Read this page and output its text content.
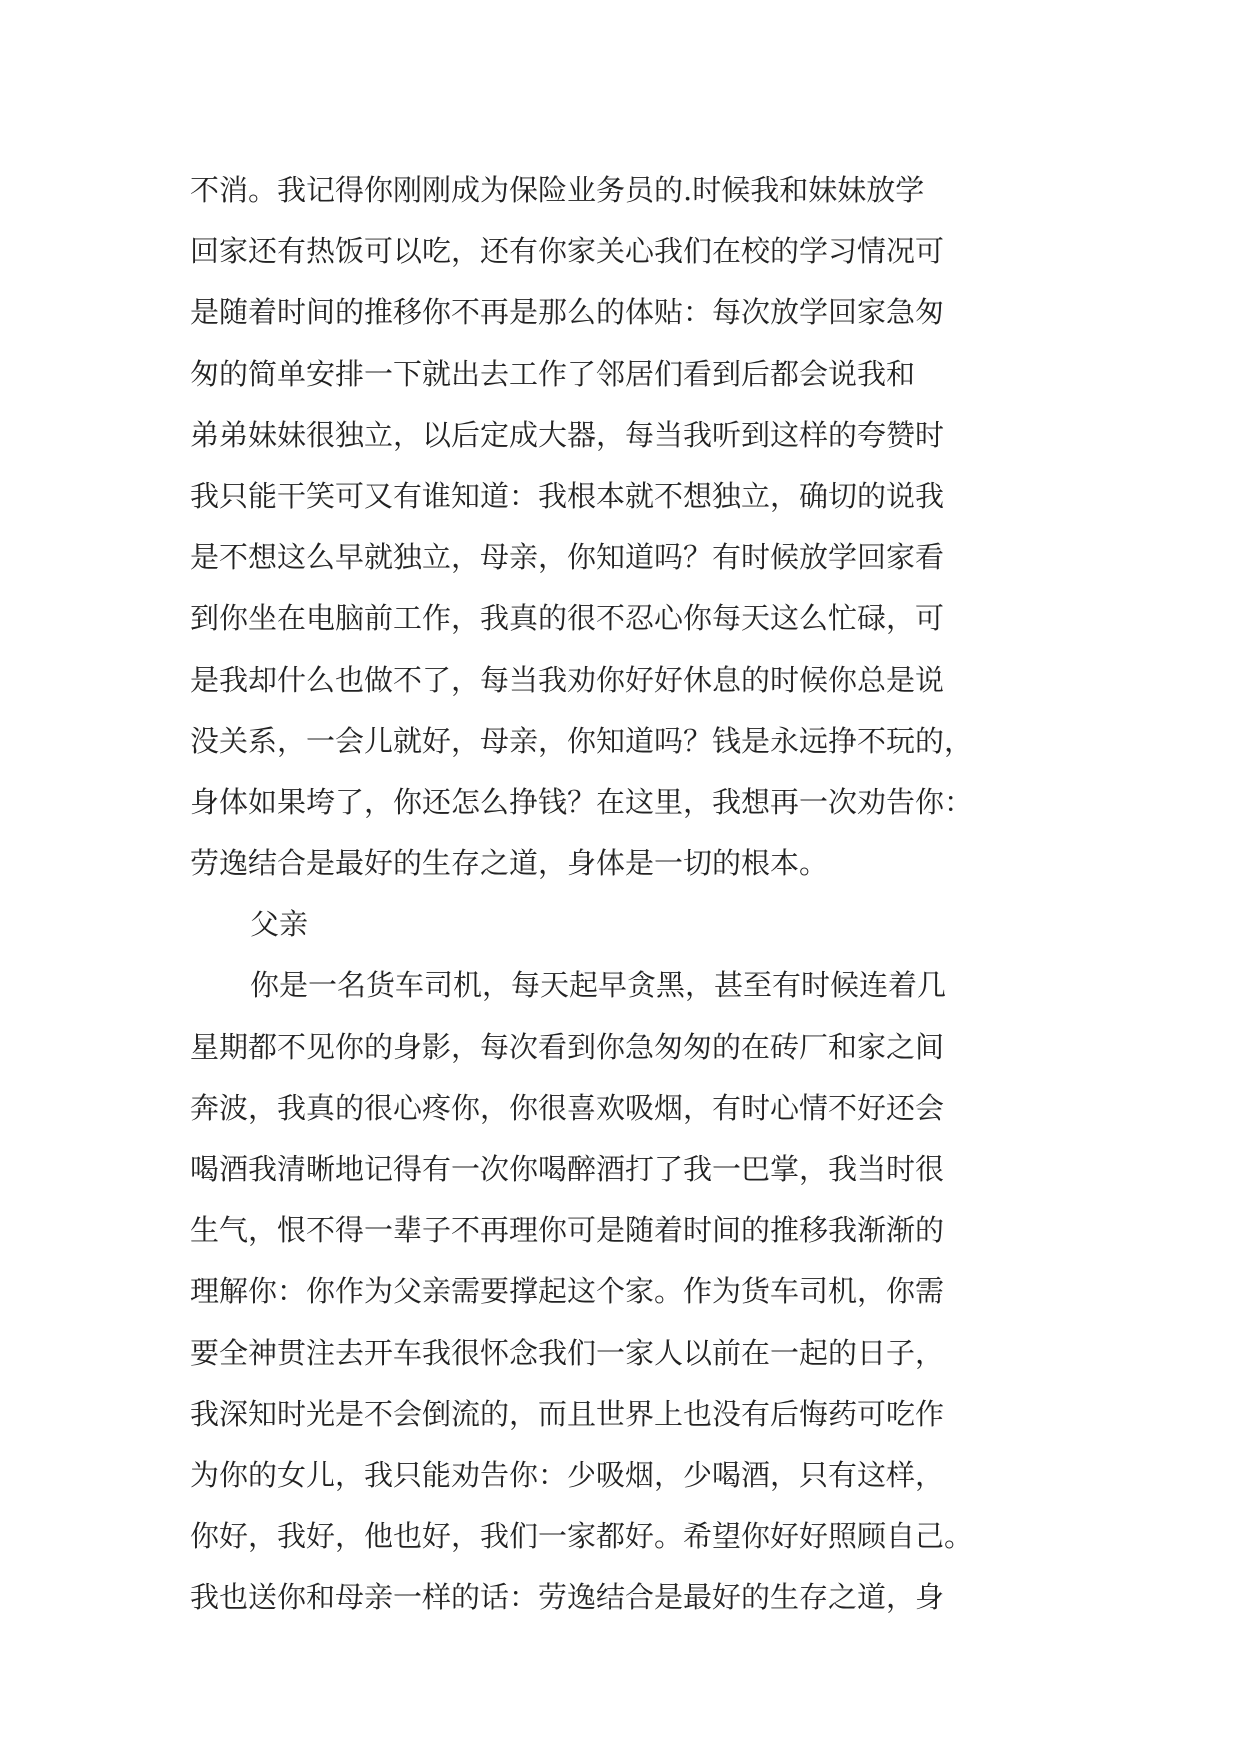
不消。我记得你刚刚成为保险业务员的.时候我和妹妹放学
回家还有热饭可以吃，还有你家关心我们在校的学习情况可
是随着时间的推移你不再是那么的体贴：每次放学回家急匆
匆的简单安排一下就出去工作了邻居们看到后都会说我和
弟弟妹妹很独立，以后定成大器，每当我听到这样的夸赞时
我只能干笑可又有谁知道：我根本就不想独立，确切的说我
是不想这么早就独立，母亲，你知道吗？有时候放学回家看
到你坐在电脑前工作，我真的很不忍心你每天这么忙碌，可
是我却什么也做不了，每当我劝你好好休息的时候你总是说
没关系，一会儿就好，母亲，你知道吗？钱是永远挣不玩的，
身体如果垮了，你还怎么挣钱？在这里，我想再一次劝告你：
劳逸结合是最好的生存之道，身体是一切的根本。
父亲
你是一名货车司机，每天起早贪黑，甚至有时候连着几
星期都不见你的身影，每次看到你急匆匆的在砖厂和家之间
奔波，我真的很心疼你，你很喜欢吸烟，有时心情不好还会
喝酒我清晰地记得有一次你喝醉酒打了我一巴掌，我当时很
生气，恨不得一辈子不再理你可是随着时间的推移我渐渐的
理解你：你作为父亲需要撑起这个家。作为货车司机，你需
要全神贯注去开车我很怀念我们一家人以前在一起的日子，
我深知时光是不会倒流的，而且世界上也没有后悔药可吃作
为你的女儿，我只能劝告你：少吸烟，少喝酒，只有这样，
你好，我好，他也好，我们一家都好。希望你好好照顾自己。
我也送你和母亲一样的话：劳逸结合是最好的生存之道，身
